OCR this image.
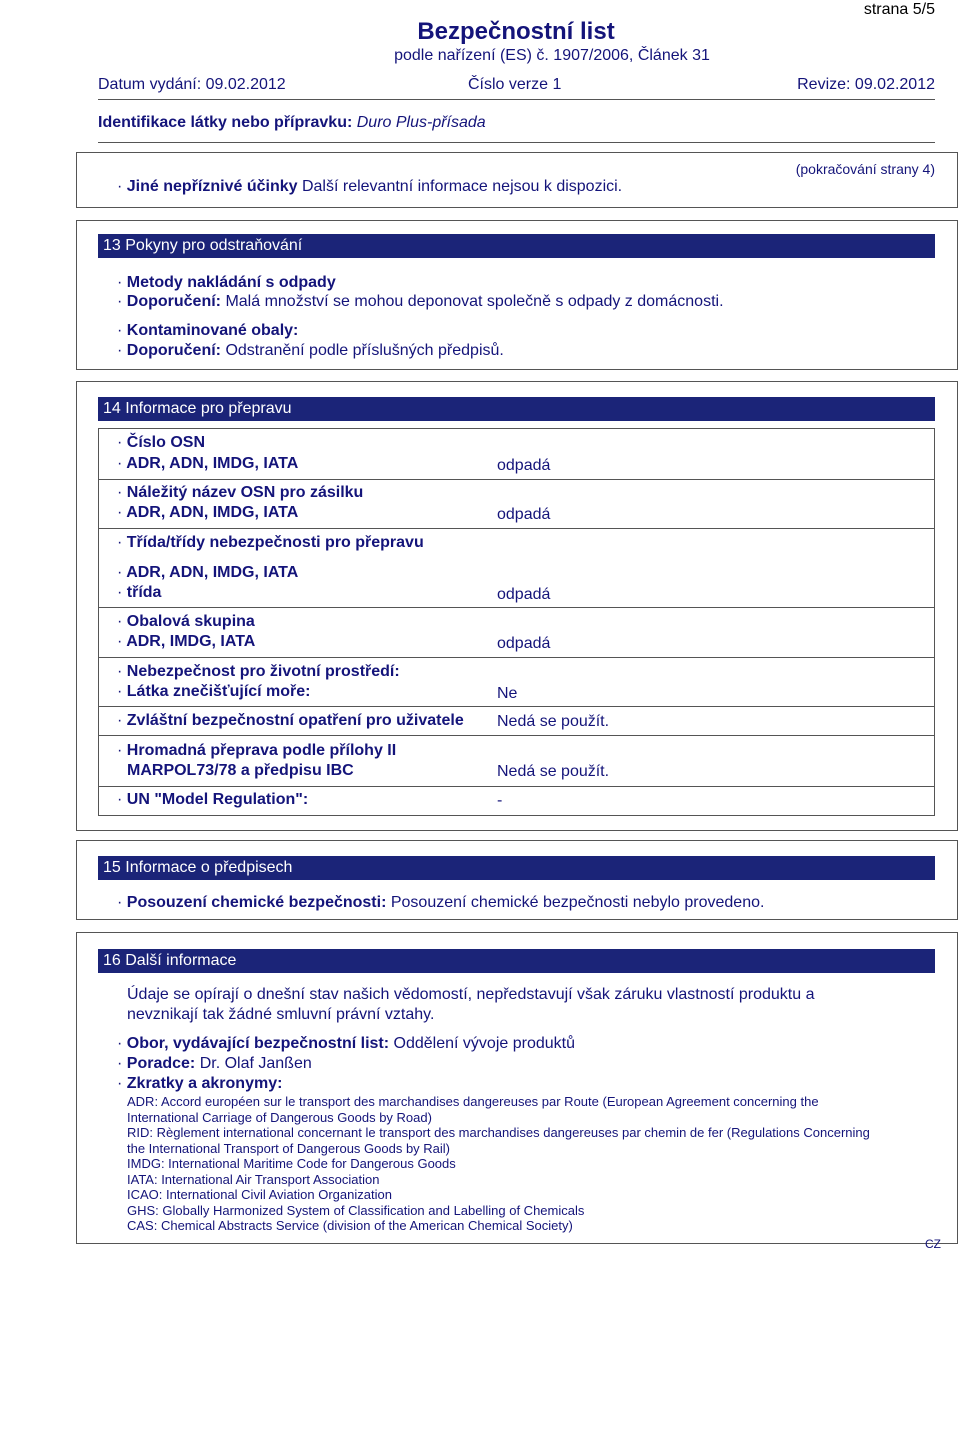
strana 5/5
Bezpečnostní list
podle nařízení (ES) č. 1907/2006, Článek 31
Datum vydání: 09.02.2012	Číslo verze 1	Revize: 09.02.2012
Identifikace látky nebo přípravku: Duro Plus-přísada
(pokračování strany 4)
· Jiné nepříznivé účinky Další relevantní informace nejsou k dispozici.
13 Pokyny pro odstraňování
· Metody nakládání s odpady
· Doporučení: Malá množství se mohou deponovat společně s odpady z domácnosti.
· Kontaminované obaly:
· Doporučení: Odstranění podle příslušných předpisů.
14 Informace pro přepravu
· Číslo OSN
· ADR, ADN, IMDG, IATA	odpadá
· Náležitý název OSN pro zásilku
· ADR, ADN, IMDG, IATA	odpadá
· Třída/třídy nebezpečnosti pro přepravu
· ADR, ADN, IMDG, IATA
· třída	odpadá
· Obalová skupina
· ADR, IMDG, IATA	odpadá
· Nebezpečnost pro životní prostředí:
· Látka znečišťující moře:	Ne
· Zvláštní bezpečnostní opatření pro uživatele Nedá se použít.
· Hromadná přeprava podle přílohy II
MARPOL73/78 a předpisu IBC	Nedá se použít.
· UN "Model Regulation":	-
15 Informace o předpisech
· Posouzení chemické bezpečnosti: Posouzení chemické bezpečnosti nebylo provedeno.
16 Další informace
Údaje se opírají o dnešní stav našich vědomostí, nepředstavují však záruku vlastností produktu a
nevznikají tak žádné smluvní právní vztahy.
· Obor, vydávající bezpečnostní list: Oddělení vývoje produktů
· Poradce: Dr. Olaf Janßen
· Zkratky a akronymy:
ADR: Accord européen sur le transport des marchandises dangereuses par Route (European Agreement concerning the
International Carriage of Dangerous Goods by Road)
RID: Règlement international concernant le transport des marchandises dangereuses par chemin de fer (Regulations Concerning
the International Transport of Dangerous Goods by Rail)
IMDG: International Maritime Code for Dangerous Goods
IATA: International Air Transport Association
ICAO: International Civil Aviation Organization
GHS: Globally Harmonized System of Classification and Labelling of Chemicals
CAS: Chemical Abstracts Service (division of the American Chemical Society)
CZ
